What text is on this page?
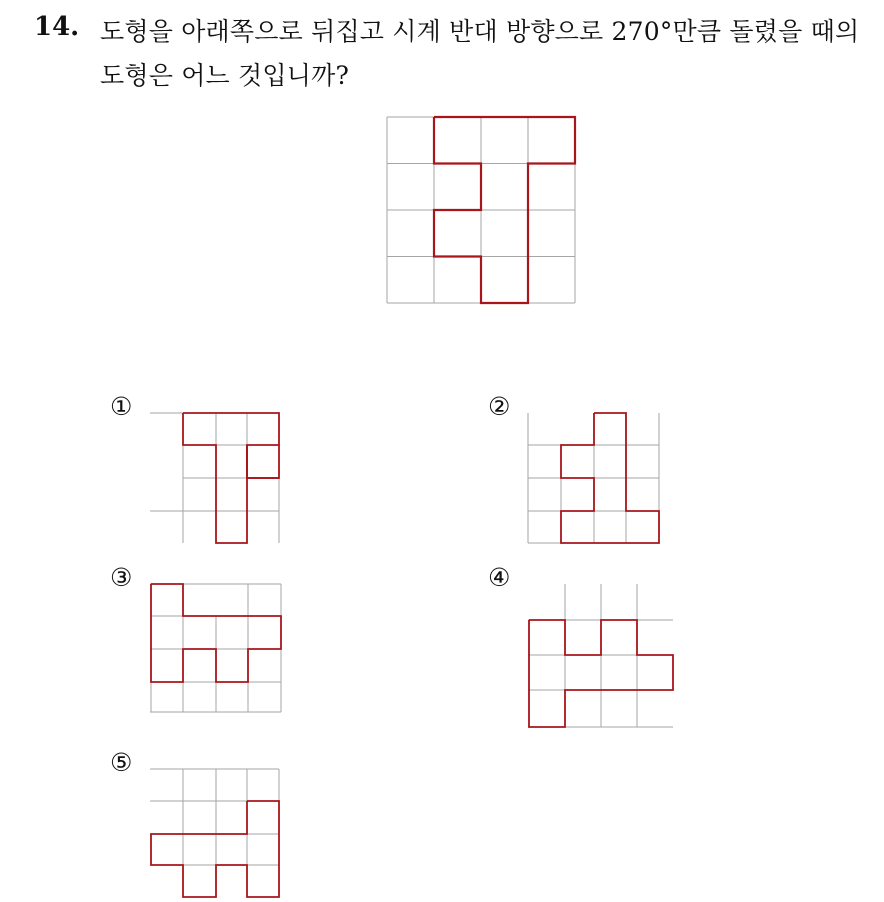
14. 도형을 아래쪽으로 뒤집고 시계 반대 방향으로 270°만큼 돌렸을 때의
도형은 어느 것입니까?
①	②
③	④
⑤
